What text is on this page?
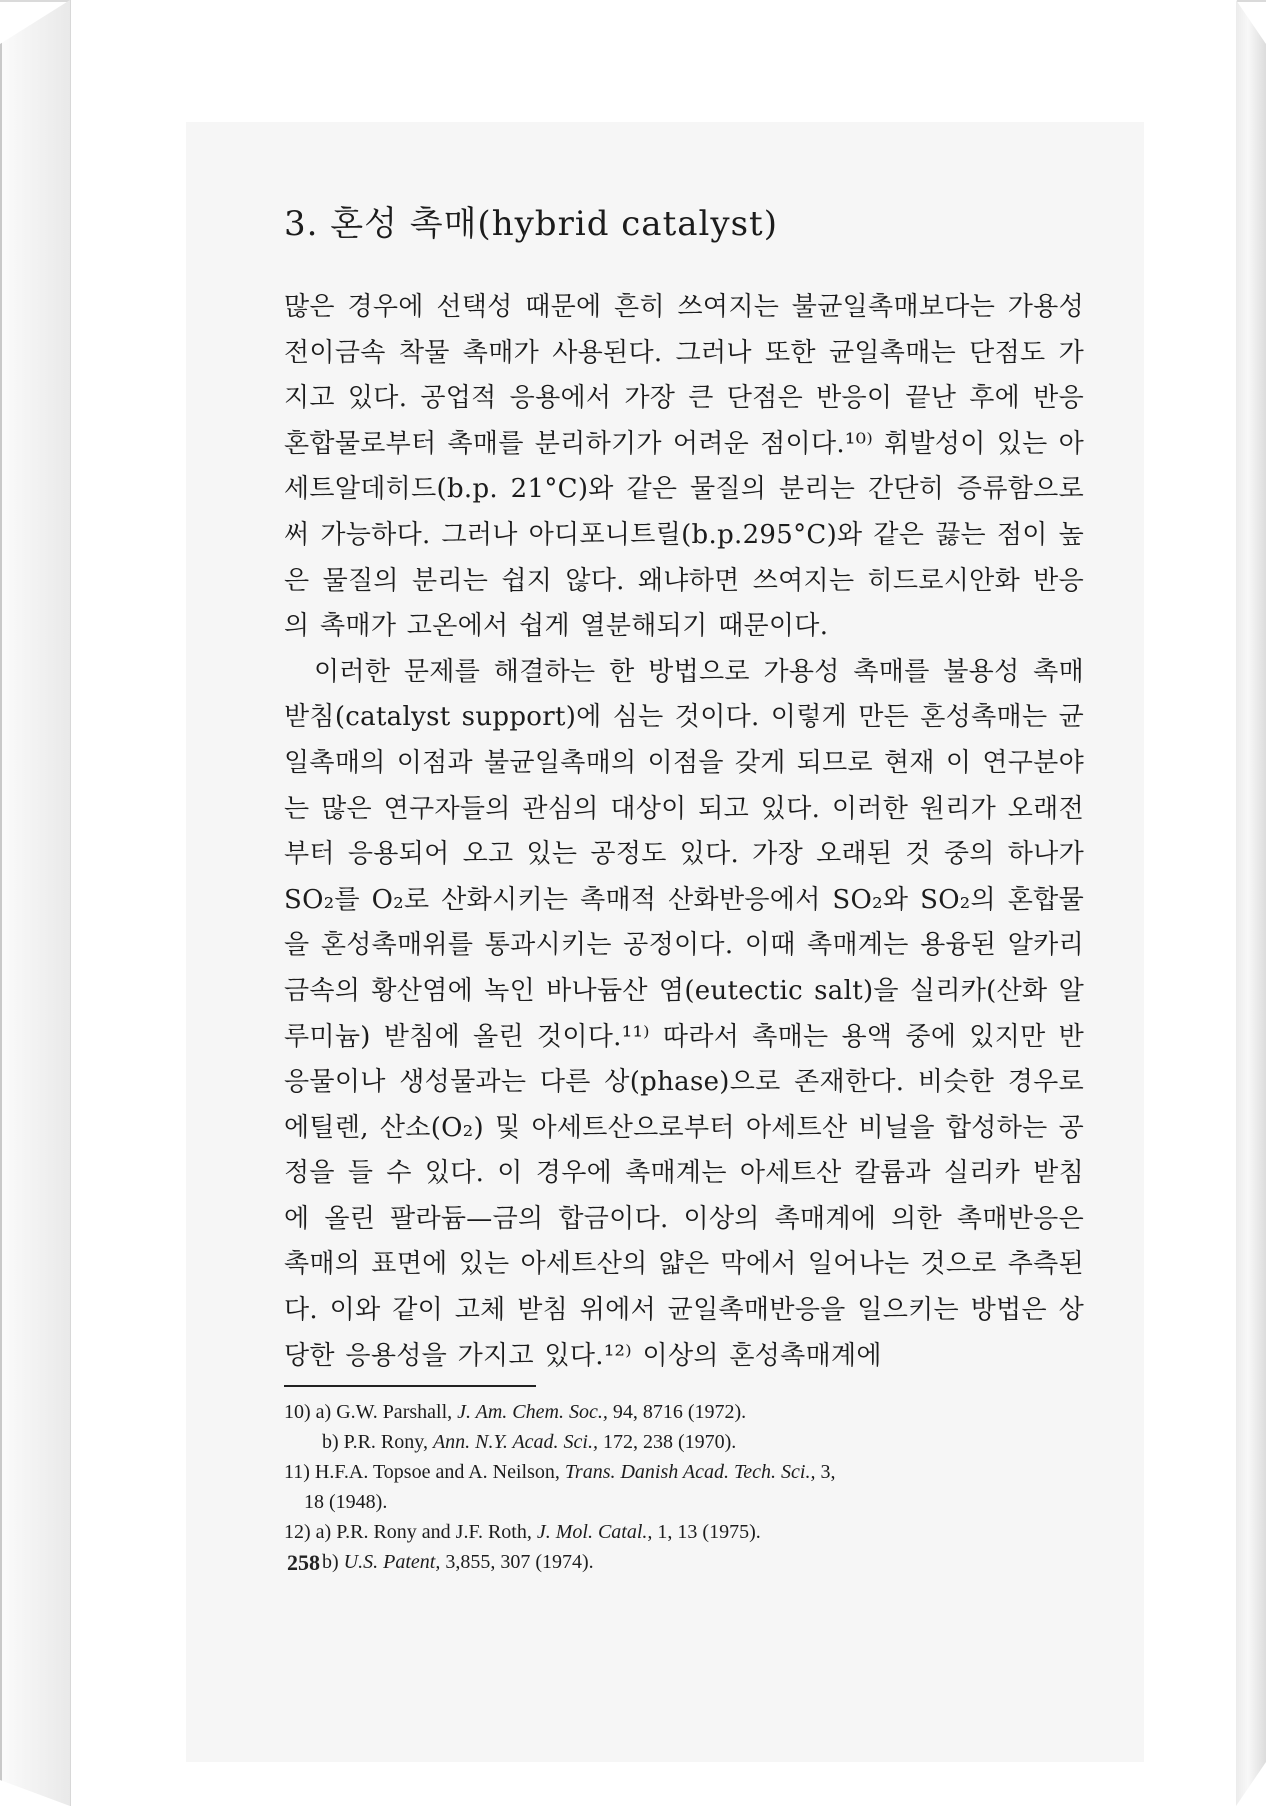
3. 혼성 촉매(hybrid catalyst)

많은 경우에 선택성 때문에 흔히 쓰여지는 불균일촉매보다는 가용성 전이금속 착물 촉매가 사용된다. 그러나 또한 균일촉매는 단점도 가지고 있다. 공업적 응용에서 가장 큰 단점은 반응이 끝난 후에 반응혼합물로부터 촉매를 분리하기가 어려운 점이다.¹⁰⁾ 휘발성이 있는 아세트알데히드(b.p. 21°C)와 같은 물질의 분리는 간단히 증류함으로써 가능하다. 그러나 아디포니트릴(b.p.295°C)와 같은 끓는 점이 높은 물질의 분리는 쉽지 않다. 왜냐하면 쓰여지는 히드로시안화 반응의 촉매가 고온에서 쉽게 열분해되기 때문이다.

이러한 문제를 해결하는 한 방법으로 가용성 촉매를 불용성 촉매받침(catalyst support)에 심는 것이다. 이렇게 만든 혼성촉매는 균일촉매의 이점과 불균일촉매의 이점을 갖게 되므로 현재 이 연구분야는 많은 연구자들의 관심의 대상이 되고 있다. 이러한 원리가 오래전부터 응용되어 오고 있는 공정도 있다. 가장 오래된 것 중의 하나가 SO₂를 O₂로 산화시키는 촉매적 산화반응에서 SO₂와 SO₂의 혼합물을 혼성촉매위를 통과시키는 공정이다. 이때 촉매계는 용융된 알카리금속의 황산염에 녹인 바나듐산 염(eutectic salt)을 실리카(산화 알루미늄) 받침에 올린 것이다.¹¹⁾ 따라서 촉매는 용액 중에 있지만 반응물이나 생성물과는 다른 상(phase)으로 존재한다. 비슷한 경우로 에틸렌, 산소(O₂) 및 아세트산으로부터 아세트산 비닐을 합성하는 공정을 들 수 있다. 이 경우에 촉매계는 아세트산 칼륨과 실리카 받침에 올린 팔라듐—금의 합금이다. 이상의 촉매계에 의한 촉매반응은 촉매의 표면에 있는 아세트산의 얇은 막에서 일어나는 것으로 추측된다. 이와 같이 고체 받침 위에서 균일촉매반응을 일으키는 방법은 상당한 응용성을 가지고 있다.¹²⁾ 이상의 혼성촉매계에

10) a) G.W. Parshall, J. Am. Chem. Soc., 94, 8716 (1972).
b) P.R. Rony, Ann. N.Y. Acad. Sci., 172, 238 (1970).
11) H.F.A. Topsoe and A. Neilson, Trans. Danish Acad. Tech. Sci., 3,
18 (1948).
12) a) P.R. Rony and J.F. Roth, J. Mol. Catal., 1, 13 (1975).
b) U.S. Patent, 3,855, 307 (1974).
258
